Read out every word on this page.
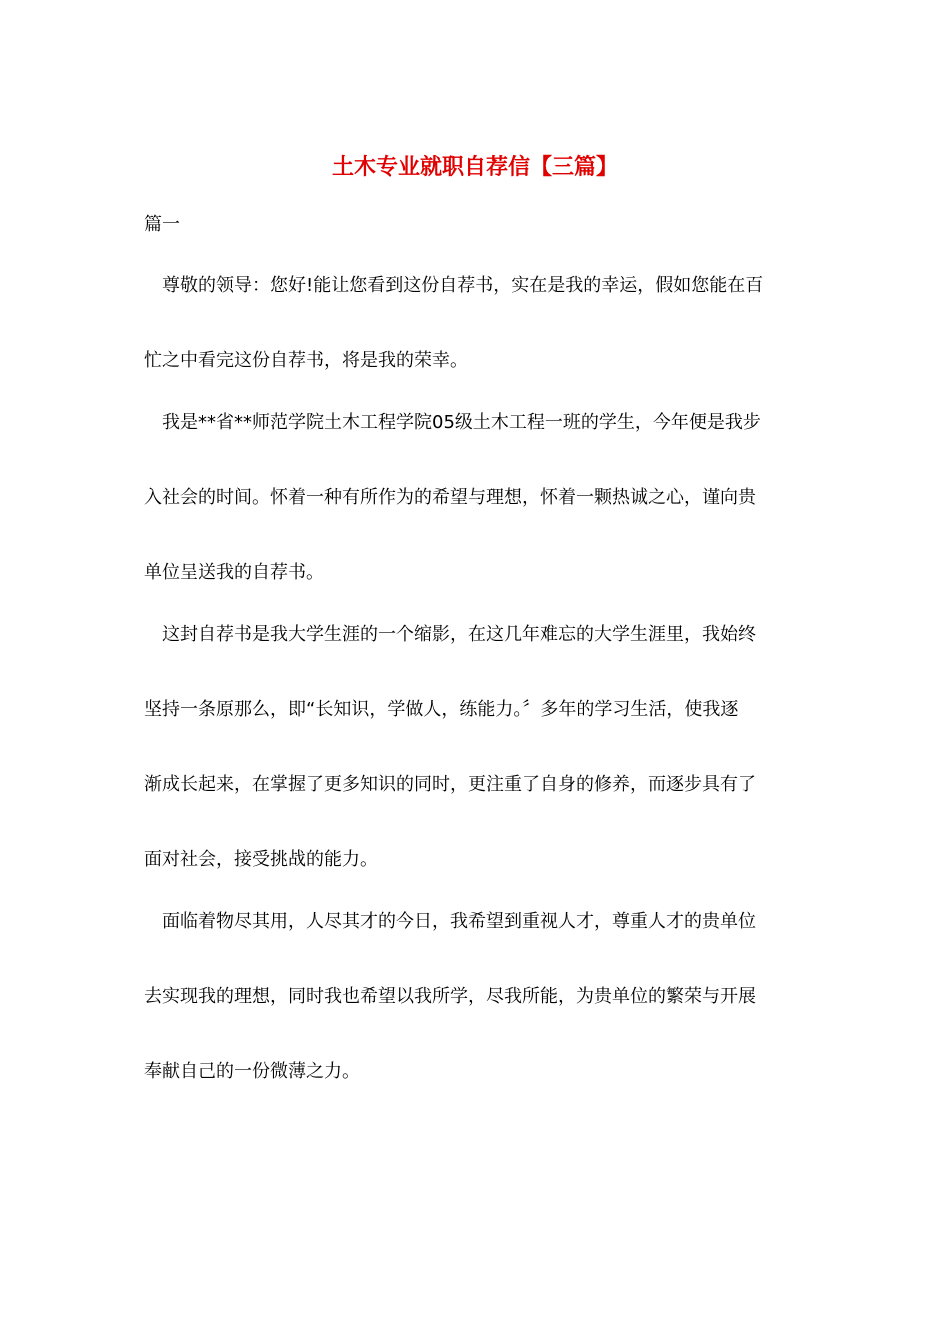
土木专业就职自荐信【三篇】
篇一
尊敬的领导：您好!能让您看到这份自荐书，实在是我的幸运，假如您能在百
忙之中看完这份自荐书，将是我的荣幸。
我是**省**师范学院土木工程学院05级土木工程一班的学生，今年便是我步
入社会的时间。怀着一种有所作为的希望与理想，怀着一颗热诚之心，谨向贵
单位呈送我的自荐书。
这封自荐书是我大学生涯的一个缩影，在这几年难忘的大学生涯里，我始终
坚持一条原那么，即“长知识，学做人，练能力。〞多年的学习生活，使我逐
渐成长起来，在掌握了更多知识的同时，更注重了自身的修养，而逐步具有了
面对社会，接受挑战的能力。
面临着物尽其用，人尽其才的今日，我希望到重视人才，尊重人才的贵单位
去实现我的理想，同时我也希望以我所学，尽我所能，为贵单位的繁荣与开展
奉献自己的一份微薄之力。
